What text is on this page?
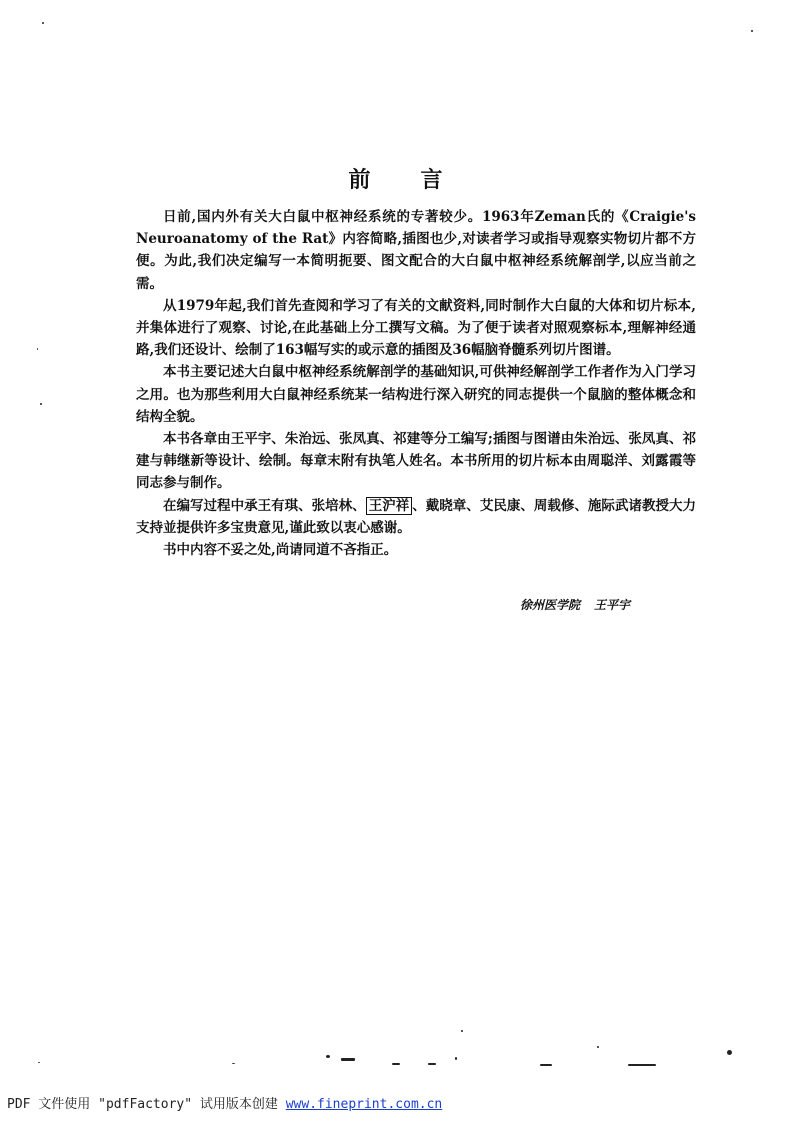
前 言

日前,国内外有关大白鼠中枢神经系统的专著较少。1963年Zeman氏的《Craigie's Neuroanatomy of the Rat》内容简略,插图也少,对读者学习或指导观察实物切片都不方便。为此,我们决定编写一本简明扼要、图文配合的大白鼠中枢神经系统解剖学,以应当前之需。

从1979年起,我们首先查阅和学习了有关的文献资料,同时制作大白鼠的大体和切片标本,并集体进行了观察、讨论,在此基础上分工撰写文稿。为了便于读者对照观察标本,理解神经通路,我们还设计、绘制了163幅写实的或示意的插图及36幅脑脊髓系列切片图谱。

本书主要记述大白鼠中枢神经系统解剖学的基础知识,可供神经解剖学工作者作为入门学习之用。也为那些利用大白鼠神经系统某一结构进行深入研究的同志提供一个鼠脑的整体概念和结构全貌。

本书各章由王平宇、朱治远、张凤真、祁建等分工编写;插图与图谱由朱治远、张凤真、祁建与韩继新等设计、绘制。每章末附有执笔人姓名。本书所用的切片标本由周聪洋、刘露霞等同志参与制作。

在编写过程中承王有琪、张培林、 王沪祥 、戴晓章、艾民康、周载修、施际武诸教授大力支持並提供许多宝贵意见,谨此致以衷心感谢。

书中内容不妥之处,尚请同道不吝指正。

徐州医学院 王平宇
PDF 文件使用 "pdfFactory" 试用版本创建 www.fineprint.com.cn
